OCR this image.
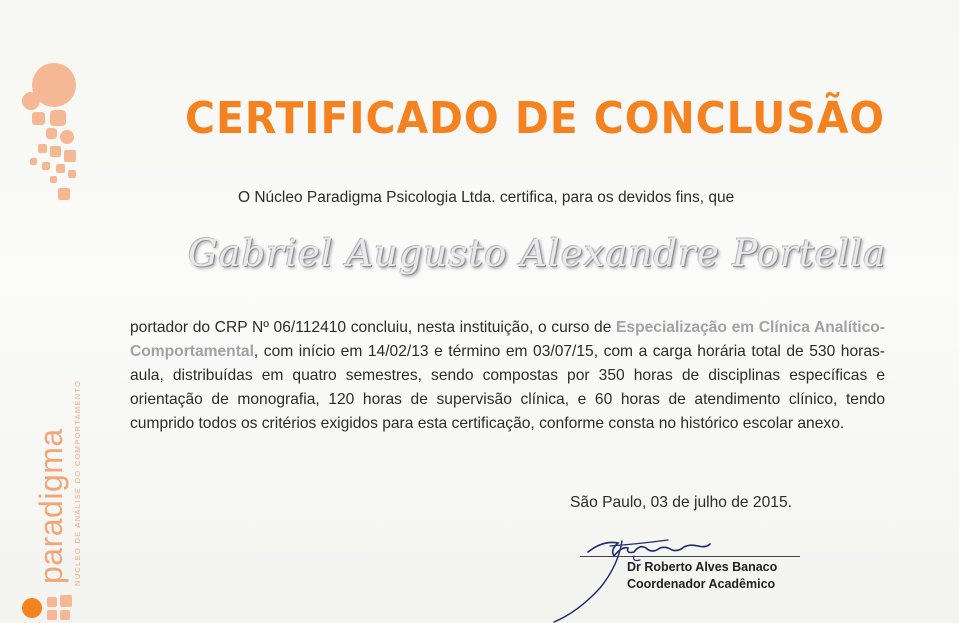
paradigma NÚCLEO DE ANÁLISE DO COMPORTAMENTO
CERTIFICADO DE CONCLUSÃO
O Núcleo Paradigma Psicologia Ltda. certifica, para os devidos fins, que
Gabriel Augusto Alexandre Portella
portador do CRP Nº 06/112410 concluiu, nesta instituição, o curso de Especialização em Clínica Analítico-Comportamental, com início em 14/02/13 e término em 03/07/15, com a carga horária total de 530 horas-aula, distribuídas em quatro semestres, sendo compostas por 350 horas de disciplinas específicas e orientação de monografia, 120 horas de supervisão clínica, e 60 horas de atendimento clínico, tendo cumprido todos os critérios exigidos para esta certificação, conforme consta no histórico escolar anexo.
São Paulo, 03 de julho de 2015.
Dr Roberto Alves Banaco
Coordenador Acadêmico
